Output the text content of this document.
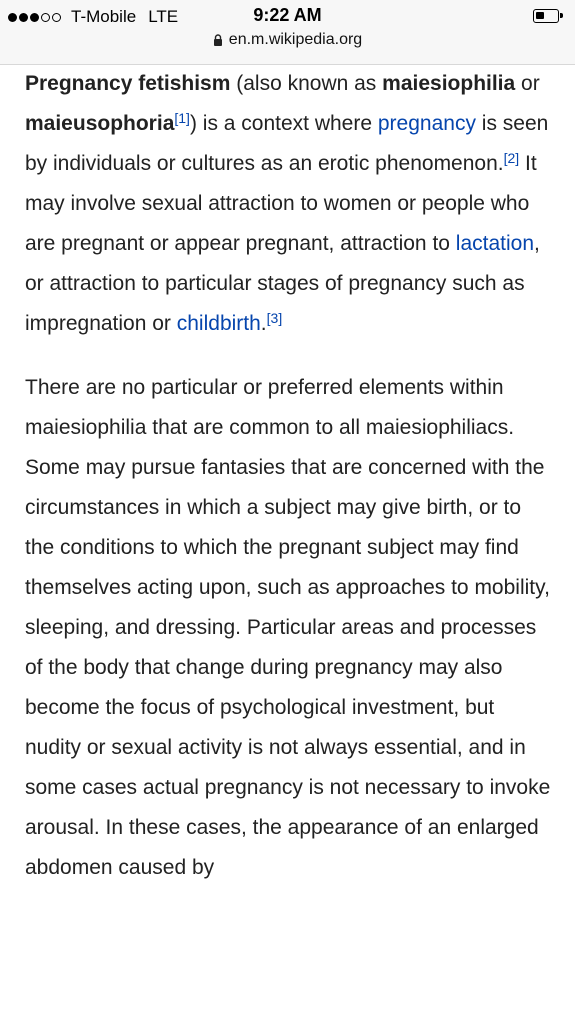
T-Mobile LTE	9:22 AM
en.m.wikipedia.org

Pregnancy fetishism (also known as maiesiophilia or maieusophoria[1]) is a context where pregnancy is seen by individuals or cultures as an erotic phenomenon.[2] It may involve sexual attraction to women or people who are pregnant or appear pregnant, attraction to lactation, or attraction to particular stages of pregnancy such as impregnation or childbirth.[3]

There are no particular or preferred elements within maiesiophilia that are common to all maiesiophiliacs. Some may pursue fantasies that are concerned with the circumstances in which a subject may give birth, or to the conditions to which the pregnant subject may find themselves acting upon, such as approaches to mobility, sleeping, and dressing. Particular areas and processes of the body that change during pregnancy may also become the focus of psychological investment, but nudity or sexual activity is not always essential, and in some cases actual pregnancy is not necessary to invoke arousal. In these cases, the appearance of an enlarged abdomen caused by
